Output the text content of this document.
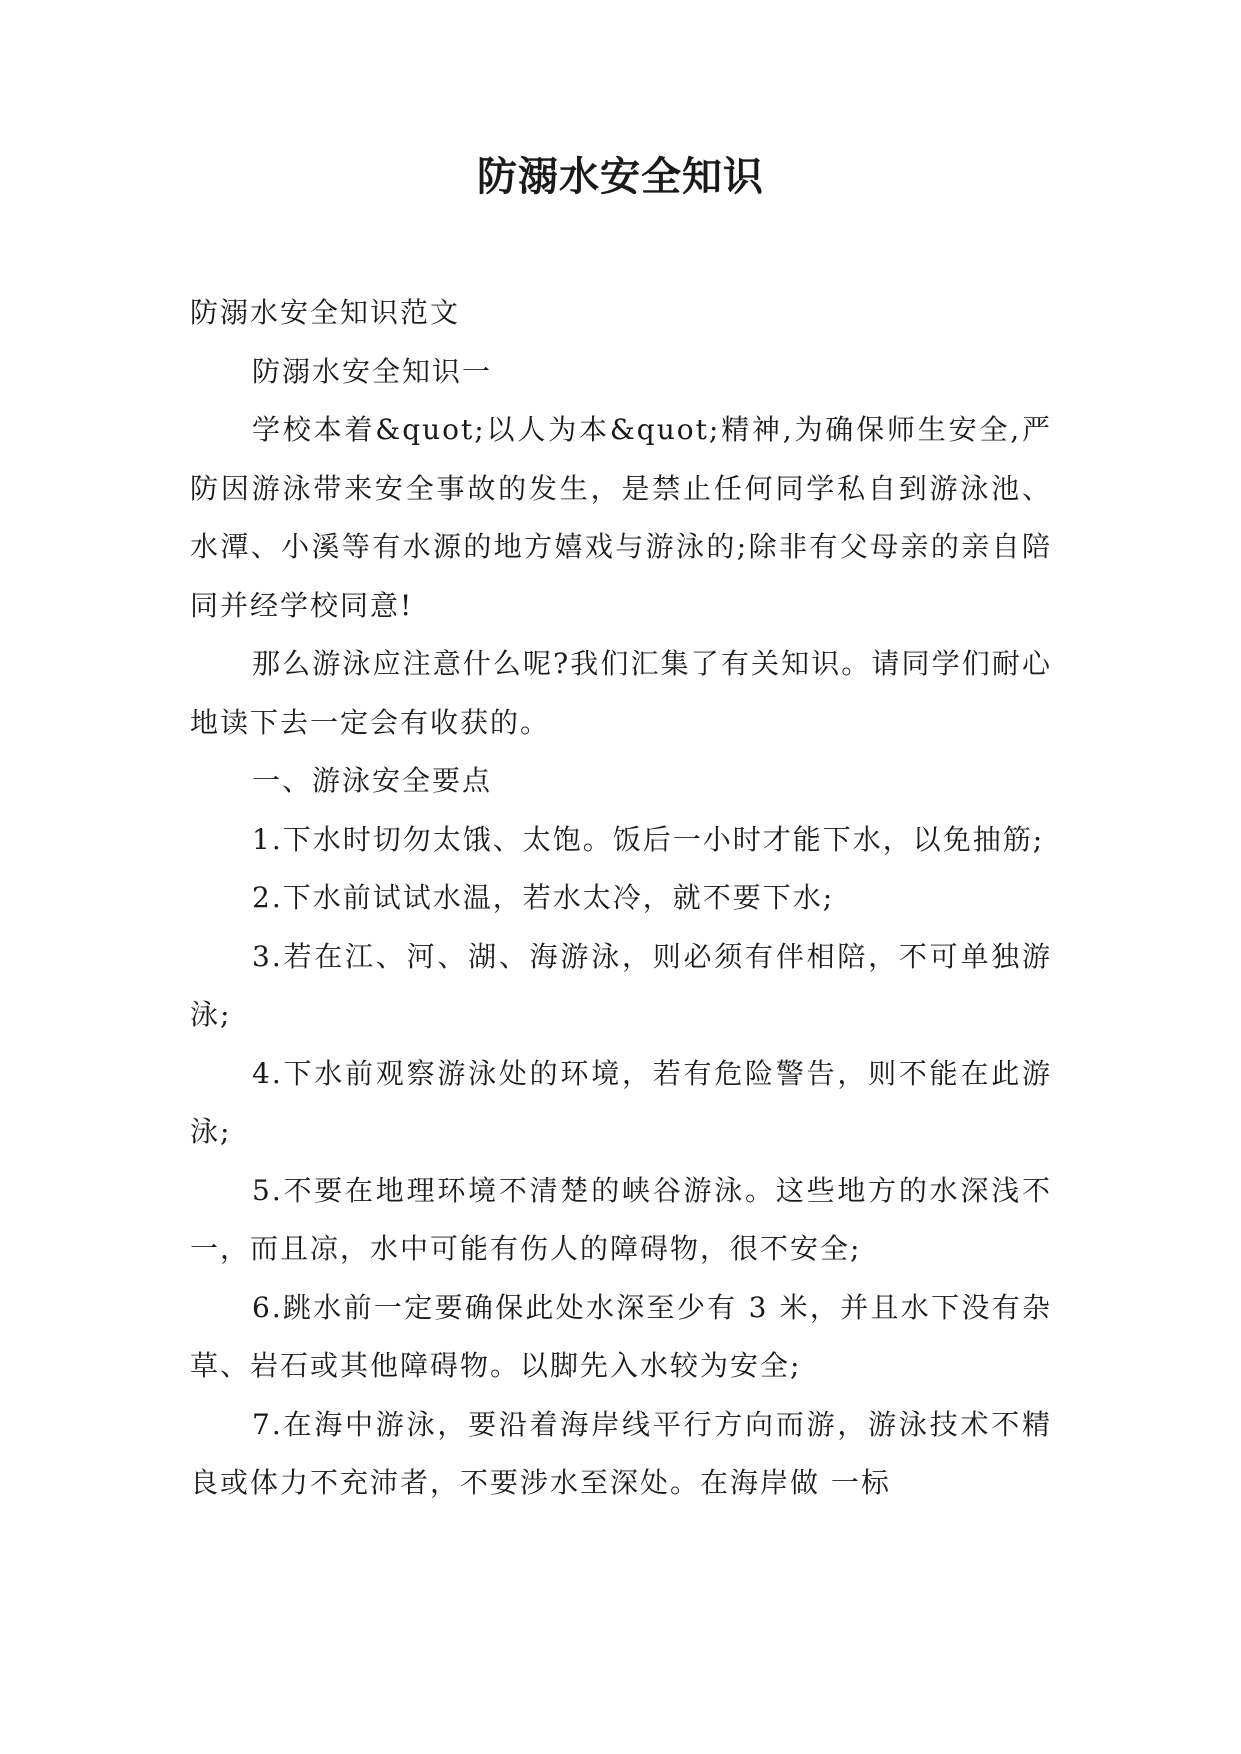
防溺水安全知识

防溺水安全知识范文

防溺水安全知识一

学校本着&quot;以人为本&quot;精神,为确保师生安全,严防因游泳带来安全事故的发生，是禁止任何同学私自到游泳池、水潭、小溪等有水源的地方嬉戏与游泳的;除非有父母亲的亲自陪同并经学校同意!

那么游泳应注意什么呢?我们汇集了有关知识。请同学们耐心地读下去一定会有收获的。

一、游泳安全要点

1.下水时切勿太饿、太饱。饭后一小时才能下水，以免抽筋;

2.下水前试试水温，若水太冷，就不要下水;

3.若在江、河、湖、海游泳，则必须有伴相陪，不可单独游泳;

4.下水前观察游泳处的环境，若有危险警告，则不能在此游泳;

5.不要在地理环境不清楚的峡谷游泳。这些地方的水深浅不一，而且凉，水中可能有伤人的障碍物，很不安全;

6.跳水前一定要确保此处水深至少有 3 米，并且水下没有杂草、岩石或其他障碍物。以脚先入水较为安全;

7.在海中游泳，要沿着海岸线平行方向而游，游泳技术不精良或体力不充沛者，不要涉水至深处。在海岸做 一标
